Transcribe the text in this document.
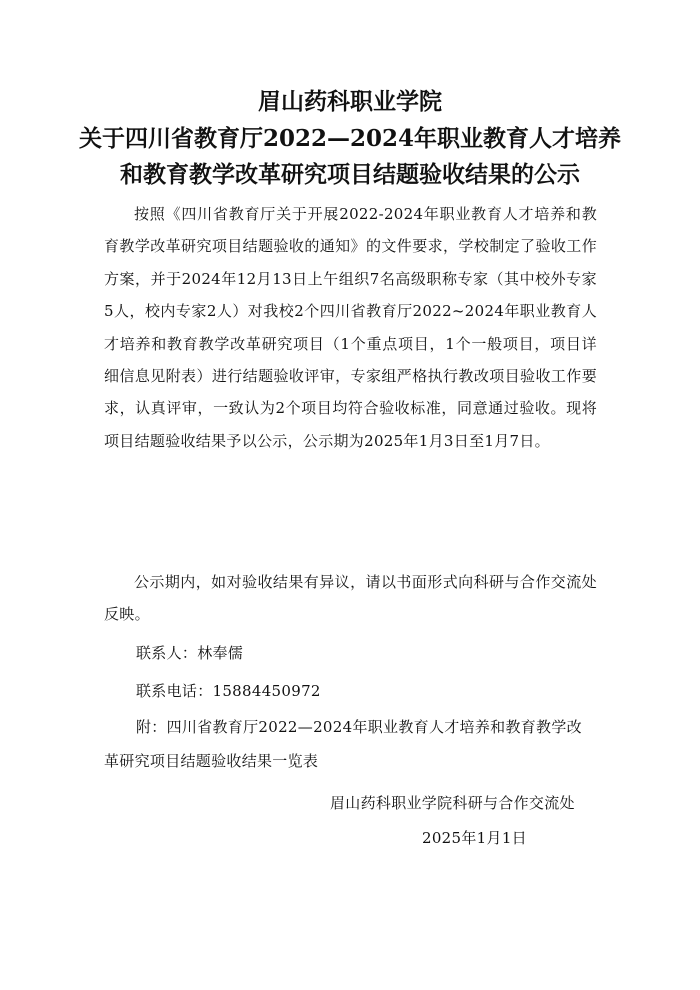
眉山药科职业学院
关于四川省教育厅2022—2024年职业教育人才培养
和教育教学改革研究项目结题验收结果的公示

按照《四川省教育厅关于开展2022-2024年职业教育人才培养和教育教学改革研究项目结题验收的通知》的文件要求，学校制定了验收工作方案，并于2024年12月13日上午组织7名高级职称专家（其中校外专家5人，校内专家2人）对我校2个四川省教育厅2022~2024年职业教育人才培养和教育教学改革研究项目（1个重点项目，1个一般项目，项目详细信息见附表）进行结题验收评审，专家组严格执行教改项目验收工作要求，认真评审，一致认为2个项目均符合验收标准，同意通过验收。现将项目结题验收结果予以公示，公示期为2025年1月3日至1月7日。

公示期内，如对验收结果有异议，请以书面形式向科研与合作交流处反映。

联系人：林奉儒

联系电话：15884450972

附：四川省教育厅2022—2024年职业教育人才培养和教育教学改革研究项目结题验收结果一览表

眉山药科职业学院科研与合作交流处

2025年1月1日
